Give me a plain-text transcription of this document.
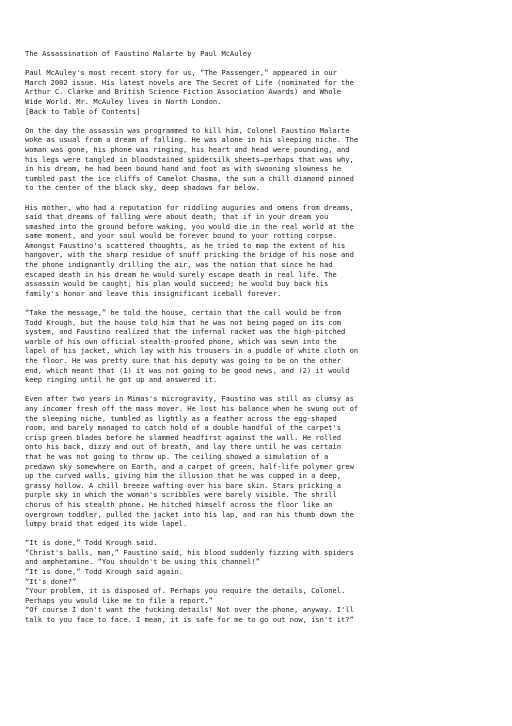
The Assassination of Faustino Malarte by Paul McAuley

Paul McAuley's most recent story for us, “The Passenger,” appeared in our
March 2002 issue. His latest novels are The Secret of Life (nominated for the
Arthur C. Clarke and British Science Fiction Association Awards) and Whole
Wide World. Mr. McAuley lives in North London.
[Back to Table of Contents]

On the day the assassin was programmed to kill him, Colonel Faustino Malarte
woke as usual from a dream of falling. He was alone in his sleeping niche. The
woman was gone, his phone was ringing, his heart and head were pounding, and
his legs were tangled in bloodstained spidersilk sheets—perhaps that was why,
in his dream, he had been bound hand and foot as with swooning slowness he
tumbled past the ice cliffs of Camelot Chasma, the sun a chill diamond pinned
to the center of the black sky, deep shadows far below.

His mother, who had a reputation for riddling auguries and omens from dreams,
said that dreams of falling were about death; that if in your dream you
smashed into the ground before waking, you would die in the real world at the
same moment, and your soul would be forever bound to your rotting corpse.
Amongst Faustino's scattered thoughts, as he tried to map the extent of his
hangover, with the sharp residue of snuff pricking the bridge of his nose and
the phone indignantly drilling the air, was the notion that since he had
escaped death in his dream he would surely escape death in real life. The
assassin would be caught; his plan would succeed; he would buy back his
family's honor and leave this insignificant iceball forever.

“Take the message,” he told the house, certain that the call would be from
Todd Krough, but the house told him that he was not being paged on its com
system, and Faustino realized that the infernal racket was the high-pitched
warble of his own official stealth-proofed phone, which was sewn into the
lapel of his jacket, which lay with his trousers in a puddle of white cloth on
the floor. He was pretty sure that his deputy was going to be on the other
end, which meant that (1) it was not going to be good news, and (2) it would
keep ringing until he got up and answered it.

Even after two years in Mimas's microgravity, Faustino was still as clumsy as
any incomer fresh off the mass mover. He lost his balance when he swung out of
the sleeping niche, tumbled as lightly as a feather across the egg-shaped
room, and barely managed to catch hold of a double handful of the carpet's
crisp green blades before he slammed headfirst against the wall. He rolled
onto his back, dizzy and out of breath, and lay there until he was certain
that he was not going to throw up. The ceiling showed a simulation of a
predawn sky somewhere on Earth, and a carpet of green, half-life polymer grew
up the curved walls, giving him the illusion that he was cupped in a deep,
grassy hollow. A chill breeze wafting over his bare skin. Stars pricking a
purple sky in which the woman's scribbles were barely visible. The shrill
chorus of his stealth phone. He hitched himself across the floor like an
overgrown toddler, pulled the jacket into his lap, and ran his thumb down the
lumpy braid that edged its wide lapel.

“It is done,” Todd Krough said.

“Christ's balls, man,” Faustino said, his blood suddenly fizzing with spiders
and amphetamine. “You shouldn't be using this channel!”

“It is done,” Todd Krough said again.

“It's done?”

“Your problem, it is disposed of. Perhaps you require the details, Colonel.
Perhaps you would like me to file a report.”

“Of course I don't want the fucking details! Not over the phone, anyway. I'll
talk to you face to face. I mean, it is safe for me to go out now, isn't it?”
